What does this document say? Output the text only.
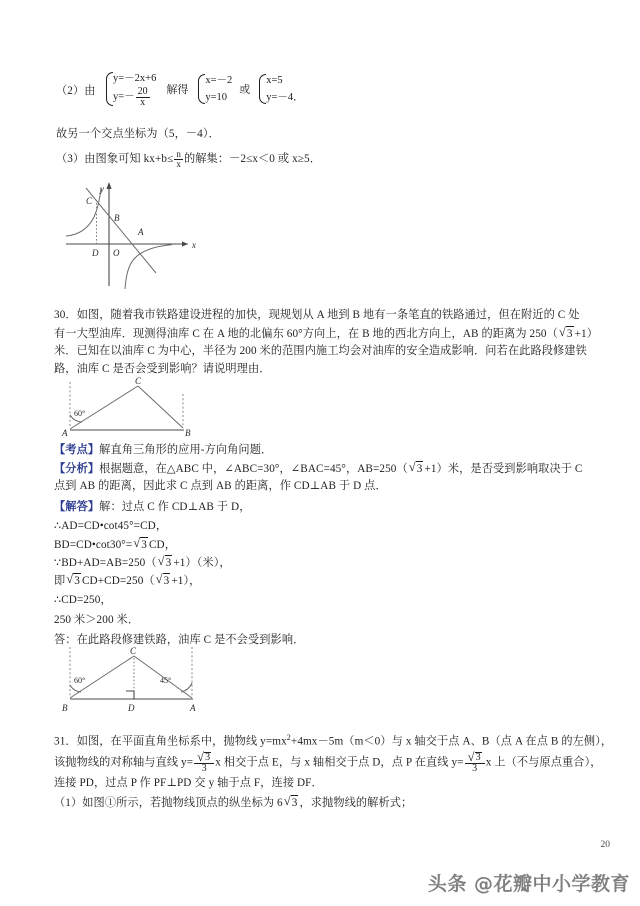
（2）由
y=－2x+6
$y=- \frac{20}{x}$ 解得
x=－2
y=10
或
x=5
y=－4．
故另一个交点坐标为（5，－4）．
（3）由图象可知 $kx+b\le \frac{n}{x}$ 的解集：－2≤x＜0 或 x≥5．
C
B
A
D O
x
y
30．如图，随着我市铁路建设进程的加快，现规划从 A 地到 B 地有一条笔直的铁路通过，但在附近的 C 处
有一大型油库．现测得油库 C 在 A 地的北偏东 60°方向上，在 B 地的西北方向上，AB 的距离为 250（ √ 3 +1）
米．已知在以油库 C 为中心，半径为 200 米的范围内施工均会对油库的安全造成影响．问若在此路段修建铁
路，油库 C 是否会受到影响？请说明理由．
A	B
C
60°
【考点】解直角三角形的应用-方向角问题．
【分析】根据题意，在△ABC 中，∠ABC=30°，∠BAC=45°，AB=250（ √ 3 +1）米，是否受到影响取决于 C
点到 AB 的距离，因此求 C 点到 AB 的距离，作 CD⊥AB 于 D 点．
【解答】解：过点 C 作 CD⊥AB 于 D，
∴AD=CD•cot45°=CD，
BD=CD•cot30°= √ 3 CD，
∵BD+AD=AB=250（ √ 3 +1）（米），
即 √ 3 CD+CD=250（ √ 3 +1），
∴CD=250，
250 米＞200 米．
答：在此路段修建铁路，油库 C 是不会受到影响．
B	D	A
C
60°	45°
31．如图，在平面直角坐标系中，抛物线 $y=mx^2+4mx-5m(m<0)$与 x 轴交于点 A、B（点 A 在点 B 的左侧），
该抛物线的对称轴与直线 y= √ $\frac{3}{3}$ x 相交于点 E，与 x 轴相交于点 D，点 P 在直线 y= √ $\frac{3}{3}$ x 上（不与原点重合），
连接 PD，过点 P 作 PF⊥PD 交 y 轴于点 F，连接 DF．
（1）如图①所示，若抛物线顶点的纵坐标为 6 √ 3 ，求抛物线的解析式；
20
头条 @花瓣中小学教育
